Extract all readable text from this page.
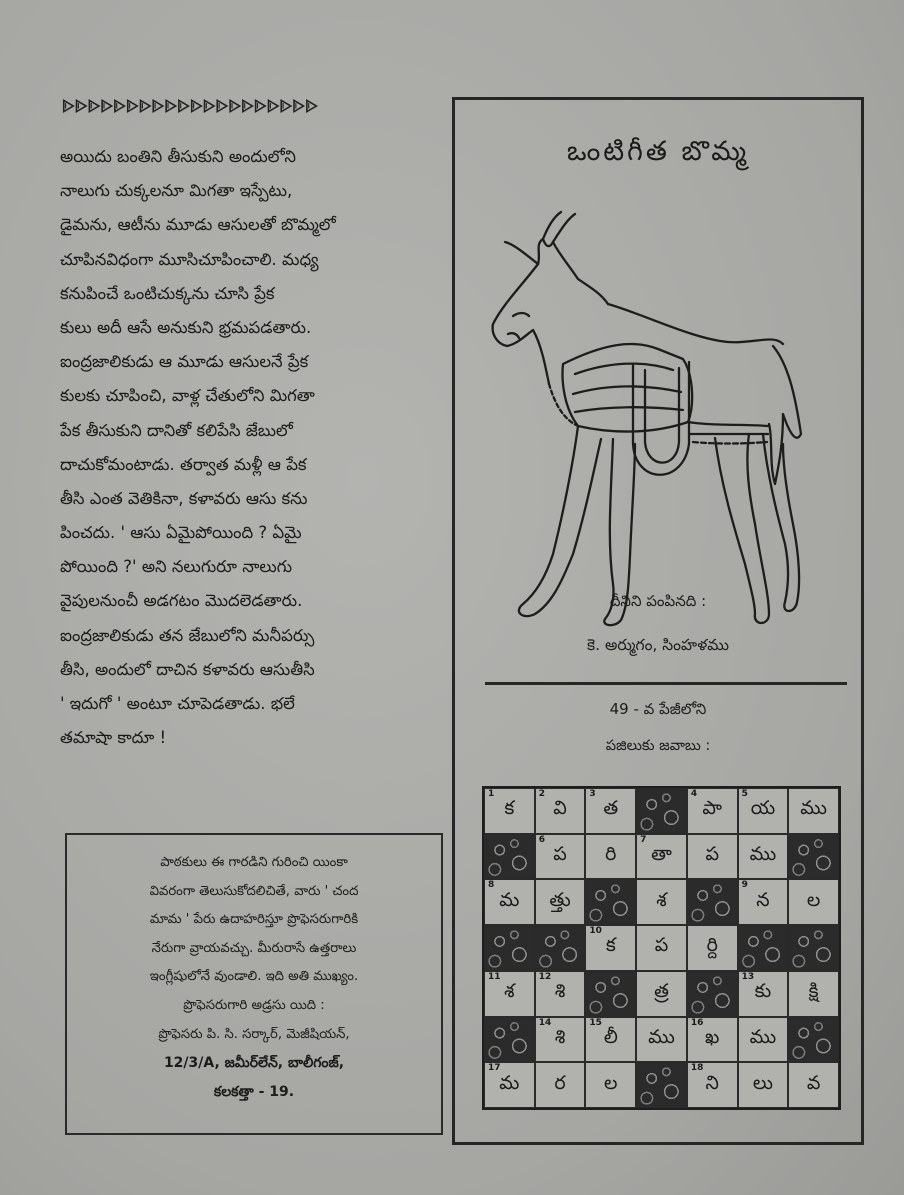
ᐈᐈᐈᐈᐈᐈᐈᐈᐈᐈᐈᐈᐈᐈᐈᐈᐈᐈᐈᐈ
అయిదు బంతిని తీసుకుని అందులోని
నాలుగు చుక్కలనూ మిగతా ఇస్పేటు,
డైమను, ఆటీను మూడు ఆసులతో బొమ్మలో
చూపినవిధంగా మూసిచూపించాలి. మధ్య
కనుపించే ఒంటిచుక్కను చూసి ప్రేక
కులు అదీ ఆసే అనుకుని భ్రమపడతారు.
ఐంద్రజాలికుడు ఆ మూడు ఆసులనే ప్రేక
కులకు చూపించి, వాళ్ల చేతులోని మిగతా
పేక తీసుకుని దానితో కలిపేసి జేబులో
దాచుకోమంటాడు. తర్వాత మళ్లీ ఆ పేక
తీసి ఎంత వెతికినా, కళావరు ఆసు కను
పించదు. ' ఆసు ఏమైపోయింది ? ఏమై
పోయింది ?' అని నలుగురూ నాలుగు
వైపులనుంచీ అడగటం మొదలెడతారు.
ఐంద్రజాలికుడు తన జేబులోని మనీపర్సు
తీసి, అందులో దాచిన కళావరు ఆసుతీసి
' ఇదుగో ' అంటూ చూపెడతాడు. భలే
తమాషా కాదూ !
పాఠకులు ఈ గారడిని గురించి యింకా
వివరంగా తెలుసుకోదలిచితే, వారు ' చంద
మామ ' పేరు ఉదాహరిస్తూ ప్రొఫెసరుగారికి
నేరుగా వ్రాయవచ్చు. మీరురాసే ఉత్తరాలు
ఇంగ్లీషులోనే వుండాలి. ఇది అతి ముఖ్యం.
ప్రొఫెసరుగారి అడ్రసు యిది :
ప్రొఫెసరు పి. సి. సర్కార్, మెజీషియన్,
12/3/A, జమీర్‌లేన్, బాలీగంజ్,
కలకత్తా - 19.
ఒంటిగీత బొమ్మ
దీనిని పంపినది :
కె. అర్ముగం, సింహళము
49 - వ పేజీలోని
పజిలుకు జవాబు :
1
క
2
వి
3
త
4
పా
5
య ము
6
ప రి
7
తా ప ము
8
మ త్తు	శ
9
న ల
10
క ప ర్ది
11
శ
12
శి	త్ర
13
కు క్షి
14
శి
15
లీ ము
16
ఖ ము
17
మ ర ల
18
ని లు వ
